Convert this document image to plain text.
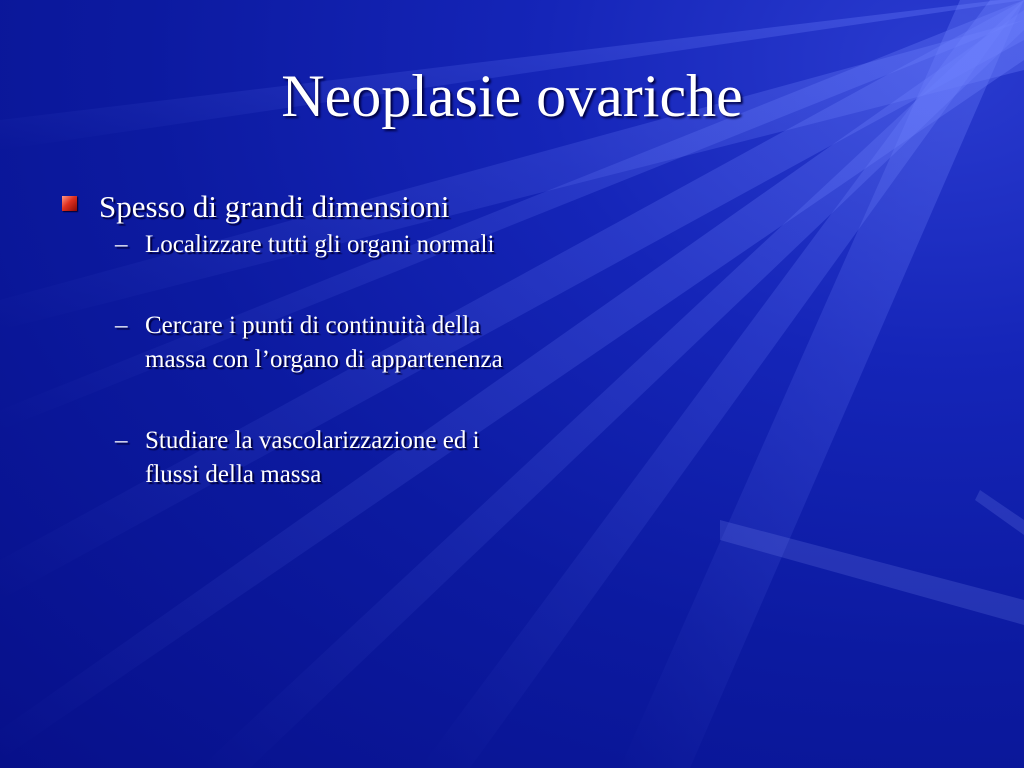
Neoplasie ovariche
Spesso di grandi dimensioni
– Localizzare tutti gli organi normali
– Cercare i punti di continuità della massa con l’organo di appartenenza
– Studiare la vascolarizzazione ed i flussi della massa
